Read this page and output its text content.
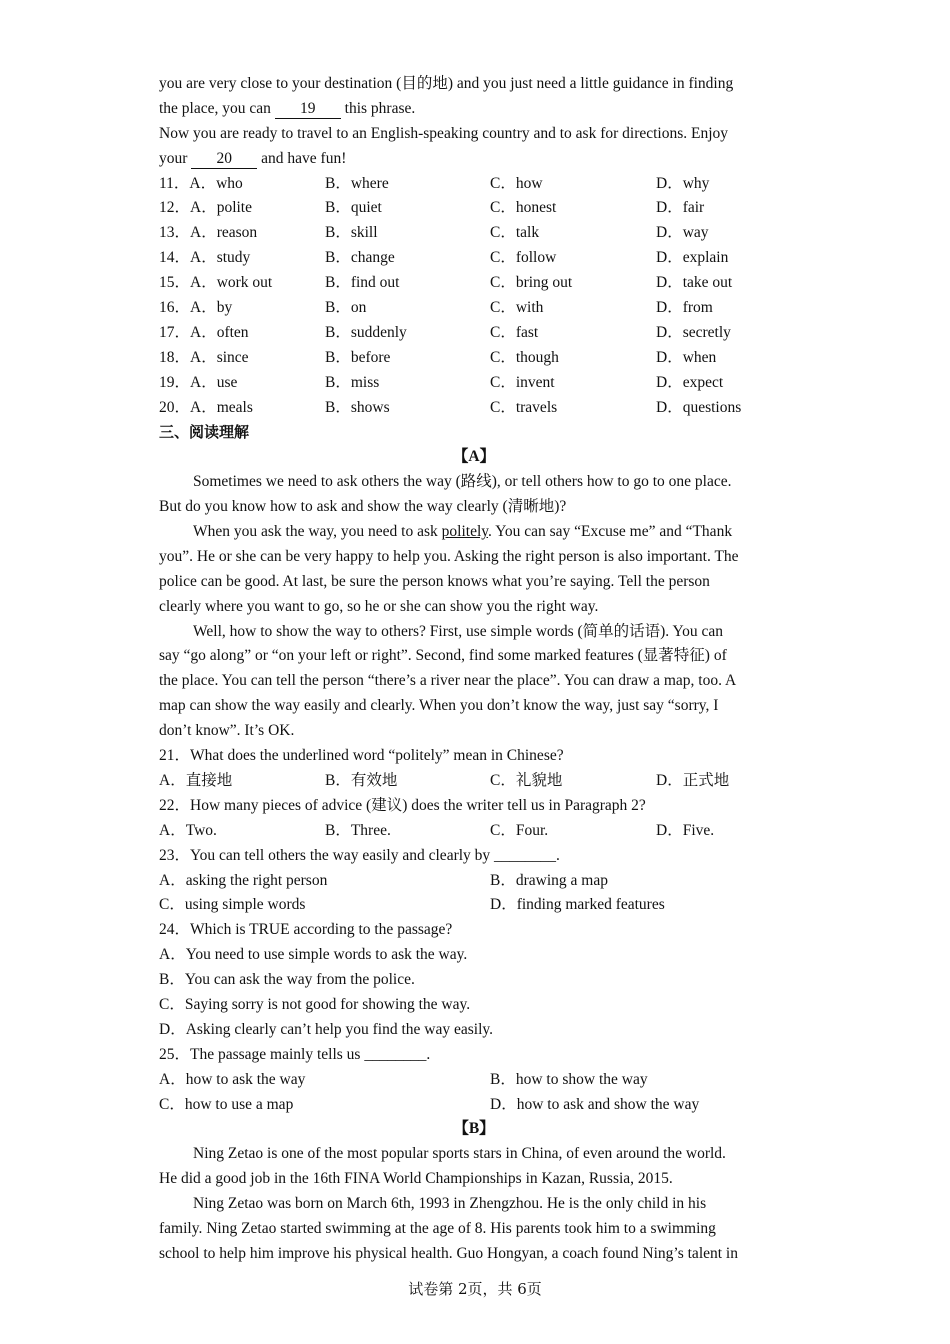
you are very close to your destination (目的地) and you just need a little guidance in finding
the place, you can 19 this phrase.
Now you are ready to travel to an English-speaking country and to ask for directions. Enjoy
your 20 and have fun!
11．A．who	B．where	C．how	D．why
12．A．polite	B．quiet	C．honest	D．fair
13．A．reason	B．skill	C．talk	D．way
14．A．study	B．change	C．follow	D．explain
15．A．work out	B．find out	C．bring out	D．take out
16．A．by	B．on	C．with	D．from
17．A．often	B．suddenly	C．fast	D．secretly
18．A．since	B．before	C．though	D．when
19．A．use	B．miss	C．invent	D．expect
20．A．meals	B．shows	C．travels	D．questions
三、阅读理解
【A】
Sometimes we need to ask others the way (路线), or tell others how to go to one place.
But do you know how to ask and show the way clearly (清晰地)?
When you ask the way, you need to ask politely. You can say “Excuse me” and “Thank
you”. He or she can be very happy to help you. Asking the right person is also important. The
police can be good. At last, be sure the person knows what you’re saying. Tell the person
clearly where you want to go, so he or she can show you the right way.
Well, how to show the way to others? First, use simple words (简单的话语). You can
say “go along” or “on your left or right”. Second, find some marked features (显著特征) of
the place. You can tell the person “there’s a river near the place”. You can draw a map, too. A
map can show the way easily and clearly. When you don’t know the way, just say “sorry, I
don’t know”. It’s OK.
21．What does the underlined word “politely” mean in Chinese?
A．直接地	B．有效地	C．礼貌地	D．正式地
22．How many pieces of advice (建议) does the writer tell us in Paragraph 2?
A．Two.	B．Three.	C．Four.	D．Five.
23．You can tell others the way easily and clearly by ________.
A．asking the right person	B．drawing a map
C．using simple words	D．finding marked features
24．Which is TRUE according to the passage?
A．You need to use simple words to ask the way.
B．You can ask the way from the police.
C．Saying sorry is not good for showing the way.
D．Asking clearly can’t help you find the way easily.
25．The passage mainly tells us ________.
A．how to ask the way	B．how to show the way
C．how to use a map	D．how to ask and show the way
【B】
Ning Zetao is one of the most popular sports stars in China, of even around the world.
He did a good job in the 16th FINA World Championships in Kazan, Russia, 2015.
Ning Zetao was born on March 6th, 1993 in Zhengzhou. He is the only child in his
family. Ning Zetao started swimming at the age of 8. His parents took him to a swimming
school to help him improve his physical health. Guo Hongyan, a coach found Ning’s talent in
试卷第 2页，共 6页
